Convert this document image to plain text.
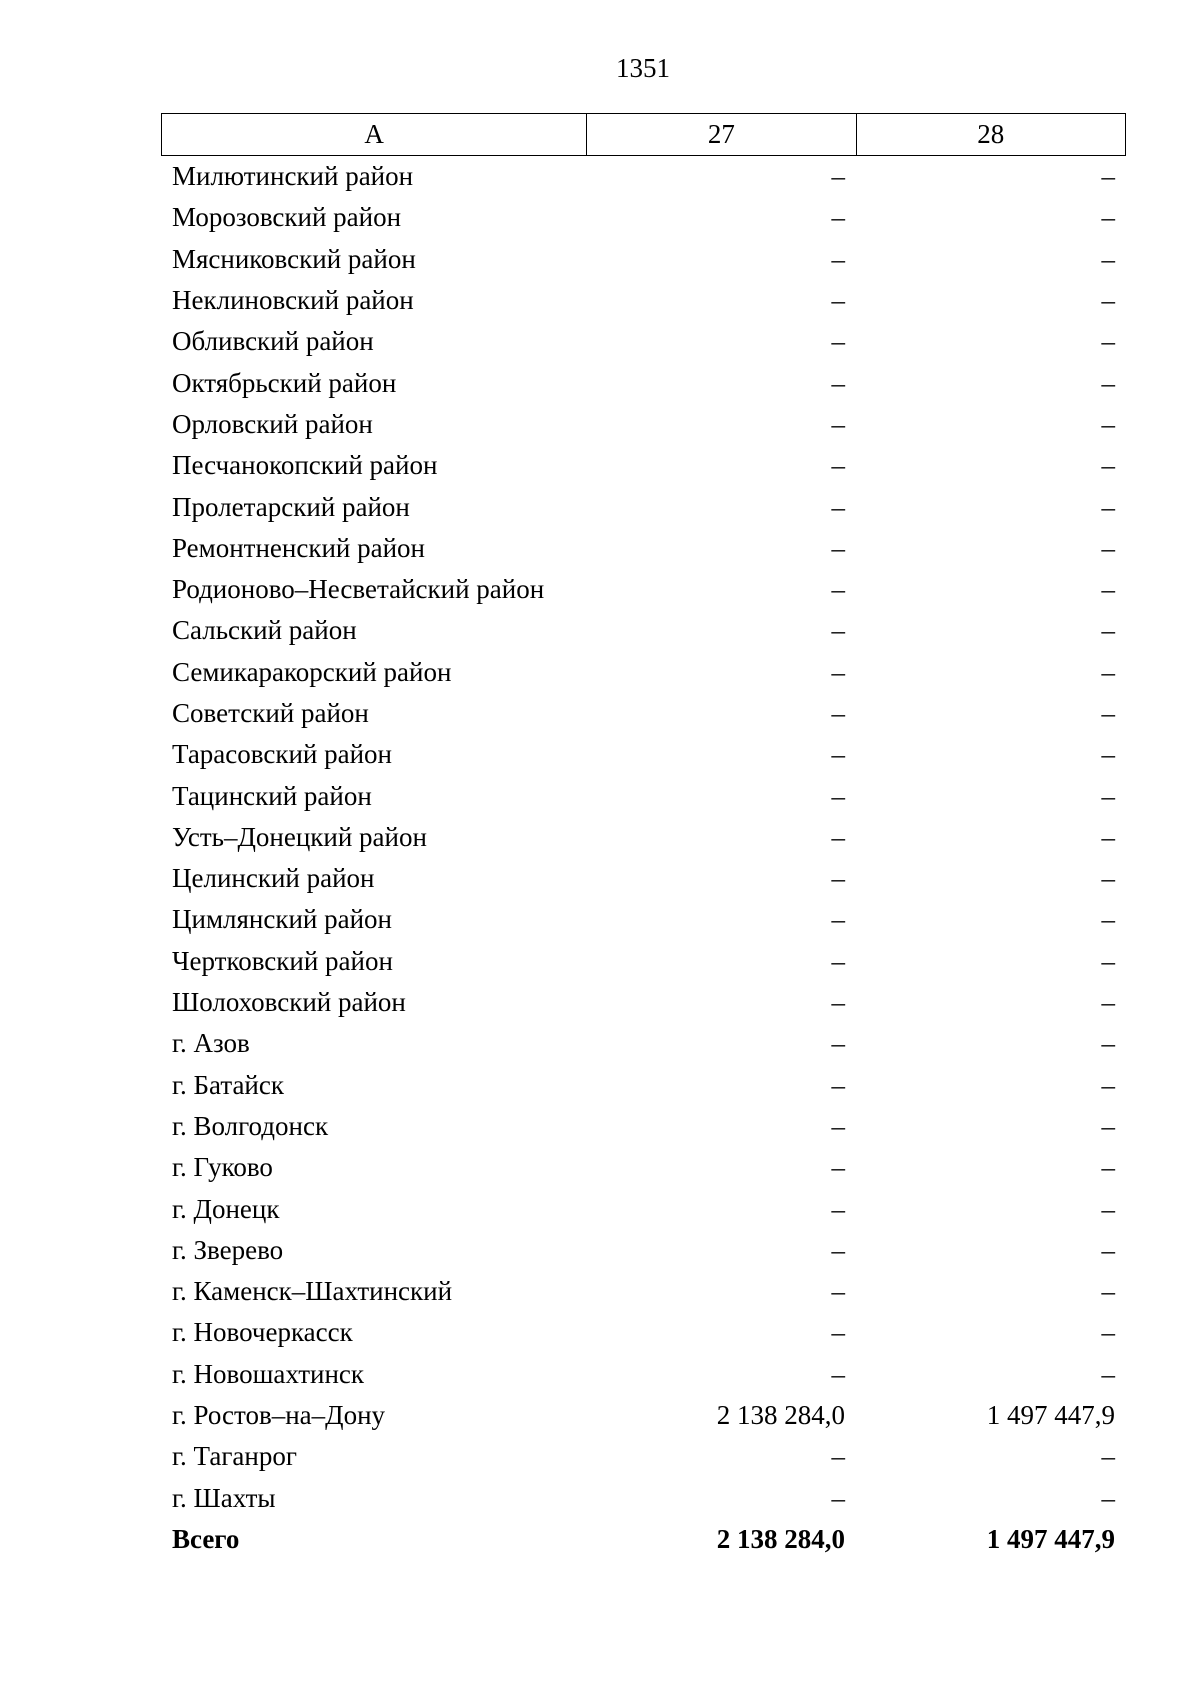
1351
А	27	28
Милютинский район	–	–
Морозовский район	–	–
Мясниковский район	–	–
Неклиновский район	–	–
Обливский район	–	–
Октябрьский район	–	–
Орловский район	–	–
Песчанокопский район	–	–
Пролетарский район	–	–
Ремонтненский район	–	–
Родионово–Несветайский район	–	–
Сальский район	–	–
Семикаракорский район	–	–
Советский район	–	–
Тарасовский район	–	–
Тацинский район	–	–
Усть–Донецкий район	–	–
Целинский район	–	–
Цимлянский район	–	–
Чертковский район	–	–
Шолоховский район	–	–
г. Азов	–	–
г. Батайск	–	–
г. Волгодонск	–	–
г. Гуково	–	–
г. Донецк	–	–
г. Зверево	–	–
г. Каменск–Шахтинский	–	–
г. Новочеркасск	–	–
г. Новошахтинск	–	–
г. Ростов–на–Дону	2 138 284,0	1 497 447,9
г. Таганрог	–	–
г. Шахты	–	–
Всего	2 138 284,0	1 497 447,9
